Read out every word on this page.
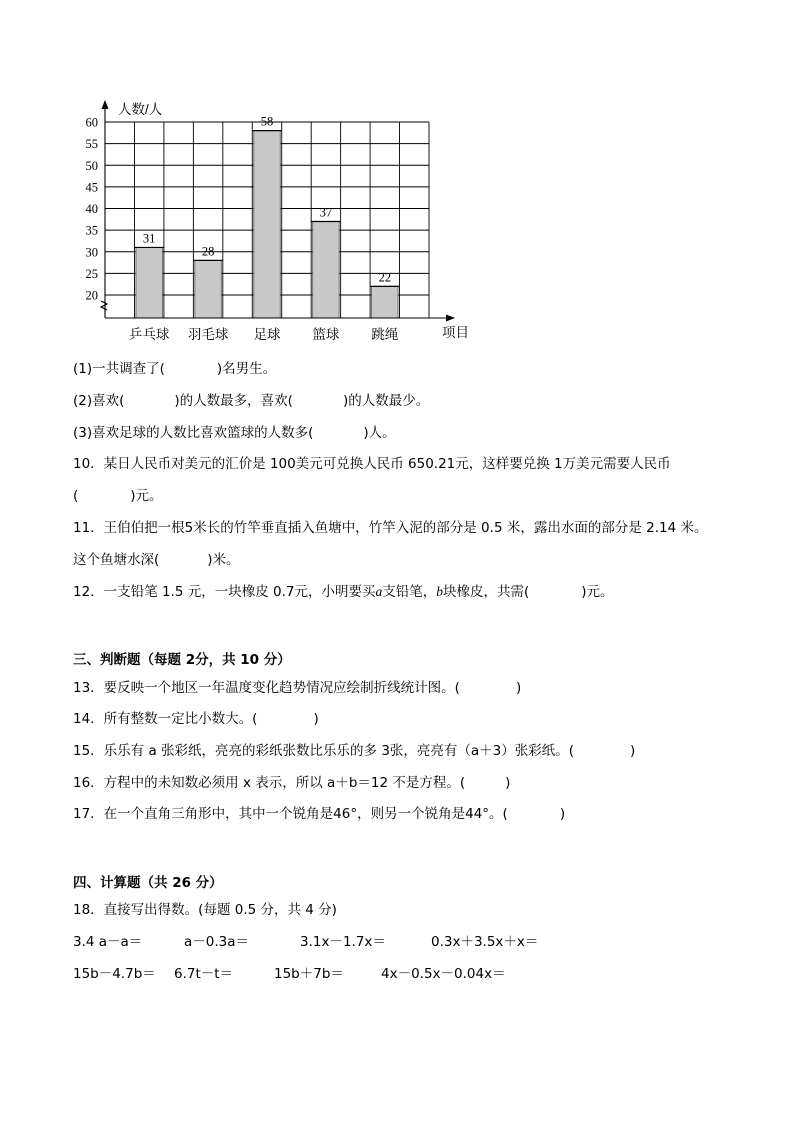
20
25
30
35
40
45
50
55
60
31
乒乓球
28
羽毛球
58
足球
37
篮球
22
跳绳
人数/人
项目
(1)一共调查了(	)名男生。
(2)喜欢(	)的人数最多，喜欢(	)的人数最少。
(3)喜欢足球的人数比喜欢篮球的人数多(	)人。
10．某日人民币对美元的汇价是 100美元可兑换人民币 650.21元，这样要兑换 1万美元需要人民币
(	)元。
11．王伯伯把一根5米长的竹竿垂直插入鱼塘中，竹竿入泥的部分是 0.5 米，露出水面的部分是 2.14 米。
这个鱼塘水深(	)米。
12．一支铅笔 1.5 元，一块橡皮 0.7元，小明要买a支铅笔，b块橡皮，共需(	)元。
三、判断题（每题 2分，共 10 分）
13．要反映一个地区一年温度变化趋势情况应绘制折线统计图。(	)
14．所有整数一定比小数大。(	)
15．乐乐有 a 张彩纸，亮亮的彩纸张数比乐乐的多 3张，亮亮有（a＋3）张彩纸。(	)
16．方程中的未知数必须用 x 表示，所以 a＋b＝12 不是方程。(	)
17．在一个直角三角形中，其中一个锐角是46°，则另一个锐角是44°。(	)
四、计算题（共 26 分）
18．直接写出得数。(每题 0.5 分，共 4 分)
3.4 a－a＝	a－0.3a＝	3.1x－1.7x＝	0.3x＋3.5x＋x＝
15b－4.7b＝ 6.7t－t＝	15b＋7b＝	4x－0.5x－0.04x＝
